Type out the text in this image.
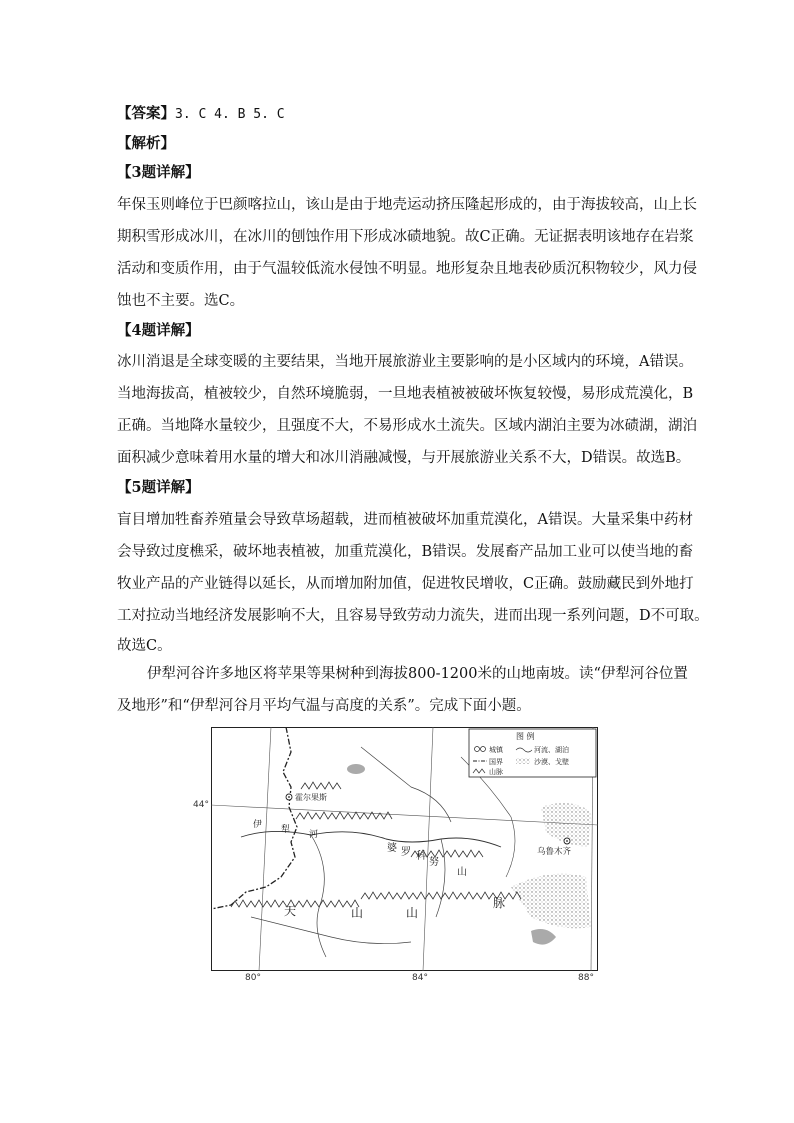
【答案】3. C 4. B 5. C
【解析】
【3题详解】
年保玉则峰位于巴颜喀拉山，该山是由于地壳运动挤压隆起形成的，由于海拔较高，山上长
期积雪形成冰川，在冰川的刨蚀作用下形成冰碛地貌。故C正确。无证据表明该地存在岩浆
活动和变质作用，由于气温较低流水侵蚀不明显。地形复杂且地表砂质沉积物较少，风力侵
蚀也不主要。选C。
【4题详解】
冰川消退是全球变暖的主要结果，当地开展旅游业主要影响的是小区域内的环境，A错误。
当地海拔高，植被较少，自然环境脆弱，一旦地表植被被破坏恢复较慢，易形成荒漠化，B
正确。当地降水量较少，且强度不大，不易形成水土流失。区域内湖泊主要为冰碛湖，湖泊
面积减少意味着用水量的增大和冰川消融减慢，与开展旅游业关系不大，D错误。故选B。
【5题详解】
盲目增加牲畜养殖量会导致草场超载，进而植被破坏加重荒漠化，A错误。大量采集中药材
会导致过度樵采，破坏地表植被，加重荒漠化，B错误。发展畜产品加工业可以使当地的畜
牧业产品的产业链得以延长，从而增加附加值，促进牧民增收，C正确。鼓励藏民到外地打
工对拉动当地经济发展影响不大，且容易导致劳动力流失，进而出现一系列问题，D不可取。
故选C。
伊犁河谷许多地区将苹果等果树种到海拔800-1200米的山地南坡。读“伊犁河谷位置
及地形”和“伊犁河谷月平均气温与高度的关系”。完成下面小题。
霍尔果斯
乌鲁木齐
伊 犁 河
婆 罗 科
努
山
天	山	山
脉
图 例
城镇	河流、湖泊
国界	沙漠、戈壁
山脉
44°
80°	84°	88°
